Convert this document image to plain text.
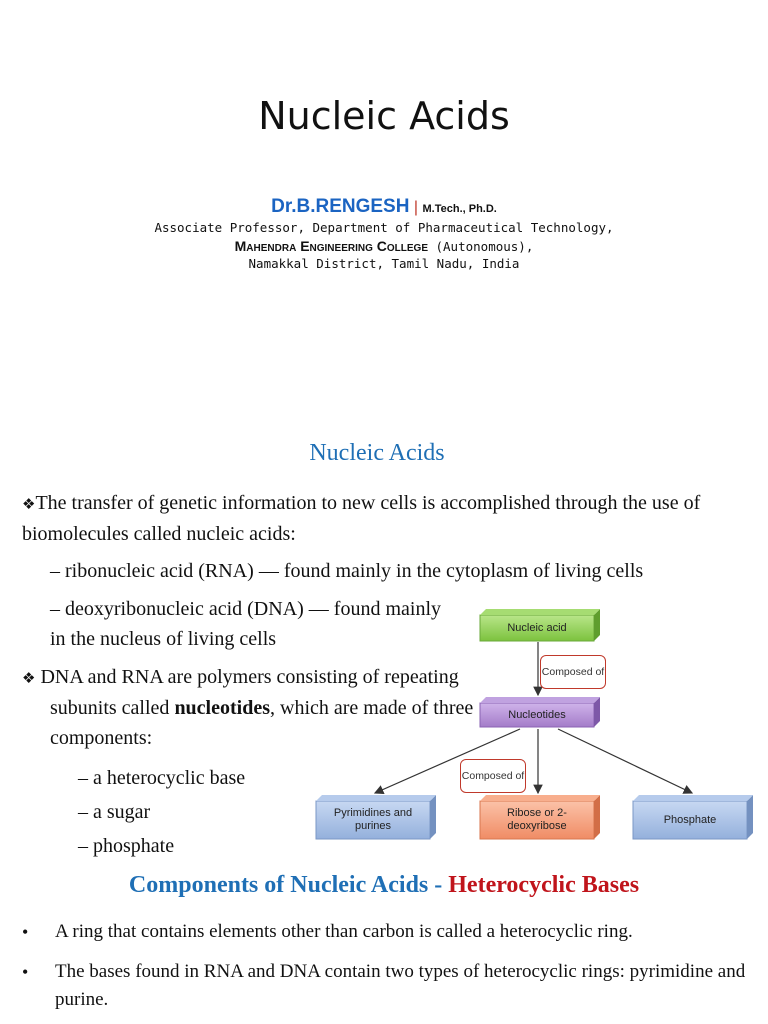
Nucleic Acids
Dr.B.RENGESH | M.Tech., Ph.D.
Associate Professor, Department of Pharmaceutical Technology,
Mahendra Engineering College (Autonomous),
Namakkal District, Tamil Nadu, India
Nucleic Acids
❖The transfer of genetic information to new cells is accomplished through the use of biomolecules called nucleic acids:
– ribonucleic acid (RNA) — found mainly in the cytoplasm of living cells
– deoxyribonucleic acid (DNA) — found mainly in the nucleus of living cells
❖ DNA and RNA are polymers consisting of repeating subunits called nucleotides, which are made of three components:
– a heterocyclic base
– a sugar
– phosphate
Nucleic acid
Composed of
Nucleotides
Composed of
Pyrimidines and purines
Ribose or 2-deoxyribose
Phosphate
Components of Nucleic Acids - Heterocyclic Bases
• A ring that contains elements other than carbon is called a heterocyclic ring.
• The bases found in RNA and DNA contain two types of heterocyclic rings: pyrimidine and purine.
